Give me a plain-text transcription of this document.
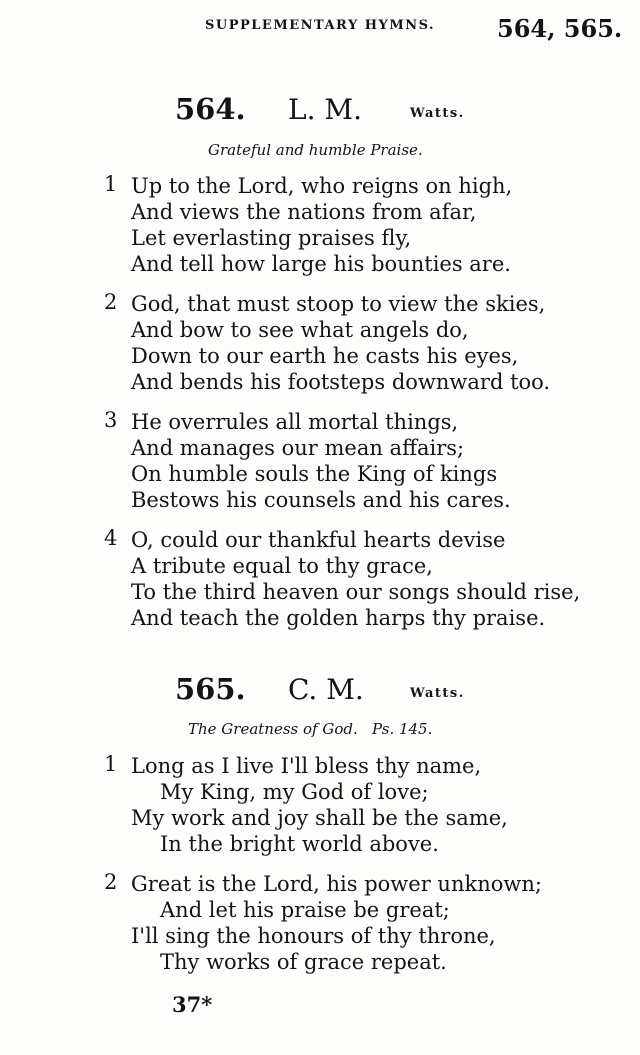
SUPPLEMENTARY HYMNS.	564, 565.
564. L. M.	Watts.
Grateful and humble Praise.
1 Up to the Lord, who reigns on high,
And views the nations from afar,
Let everlasting praises fly,
And tell how large his bounties are.
2 God, that must stoop to view the skies,
And bow to see what angels do,
Down to our earth he casts his eyes,
And bends his footsteps downward too.
3 He overrules all mortal things,
And manages our mean affairs;
On humble souls the King of kings
Bestows his counsels and his cares.
4 O, could our thankful hearts devise
A tribute equal to thy grace,
To the third heaven our songs should rise,
And teach the golden harps thy praise.
565. C. M.	Watts.
The Greatness of God.   Ps. 145.
1 Long as I live I'll bless thy name,
My King, my God of love;
My work and joy shall be the same,
In the bright world above.
2 Great is the Lord, his power unknown;
And let his praise be great;
I'll sing the honours of thy throne,
Thy works of grace repeat.
37*
